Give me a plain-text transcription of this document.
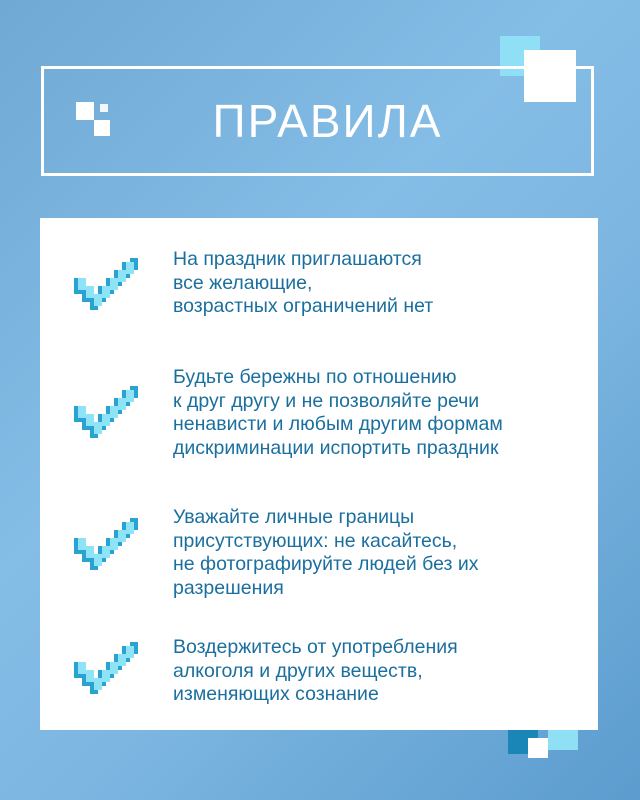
ПРАВИЛА
На праздник приглашаются
все желающие,
возрастных ограничений нет
Будьте бережны по отношению
к друг другу и не позволяйте речи
ненависти и любым другим формам
дискриминации испортить праздник
Уважайте личные границы
присутствующих: не касайтесь,
не фотографируйте людей без их
разрешения
Воздержитесь от употребления
алкоголя и других веществ,
изменяющих сознание
